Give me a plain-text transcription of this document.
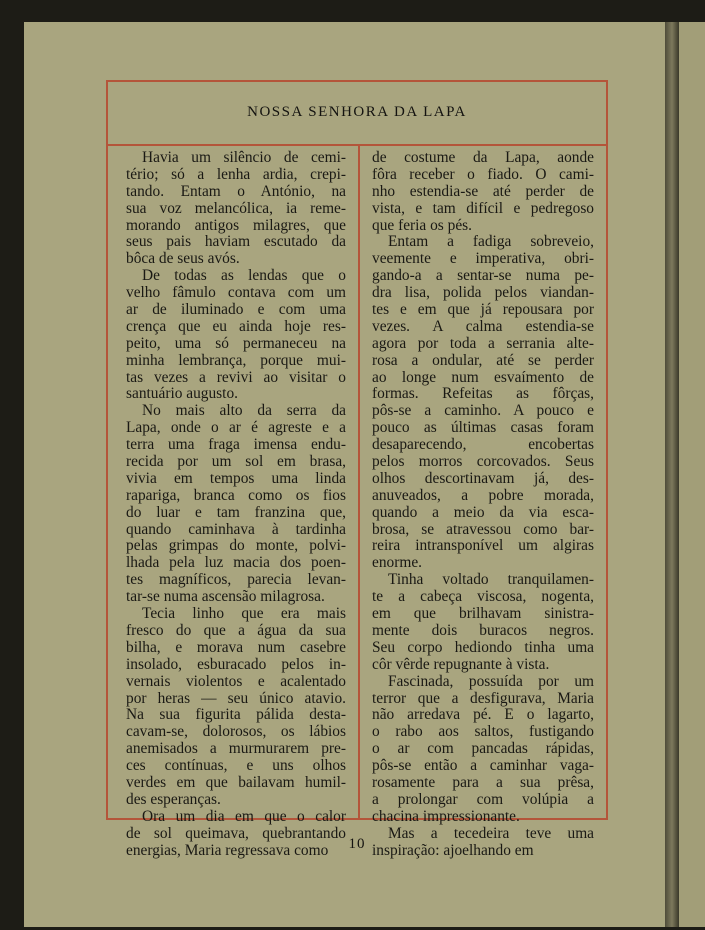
NOSSA SENHORA DA LAPA
Havia um silêncio de cemi-
tério; só a lenha ardia, crepi-
tando. Entam o António, na
sua voz melancólica, ia reme-
morando antigos milagres, que
seus pais haviam escutado da
bôca de seus avós.
De todas as lendas que o
velho fâmulo contava com um
ar de iluminado e com uma
crença que eu ainda hoje res-
peito, uma só permaneceu na
minha lembrança, porque mui-
tas vezes a revivi ao visitar o
santuário augusto.
No mais alto da serra da
Lapa, onde o ar é agreste e a
terra uma fraga imensa endu-
recida por um sol em brasa,
vivia em tempos uma linda
rapariga, branca como os fios
do luar e tam franzina que,
quando caminhava à tardinha
pelas grimpas do monte, polvi-
lhada pela luz macia dos poen-
tes magníficos, parecia levan-
tar-se numa ascensão milagrosa.
Tecia linho que era mais
fresco do que a água da sua
bilha, e morava num casebre
insolado, esburacado pelos in-
vernais violentos e acalentado
por heras — seu único atavio.
Na sua figurita pálida desta-
cavam-se, dolorosos, os lábios
anemisados a murmurarem pre-
ces contínuas, e uns olhos
verdes em que bailavam humil-
des esperanças.
Ora um dia em que o calor
de sol queimava, quebrantando
energias, Maria regressava como
de costume da Lapa, aonde
fôra receber o fiado. O cami-
nho estendia-se até perder de
vista, e tam difícil e pedregoso
que feria os pés.
Entam a fadiga sobreveio,
veemente e imperativa, obri-
gando-a a sentar-se numa pe-
dra lisa, polida pelos viandan-
tes e em que já repousara por
vezes. A calma estendia-se
agora por toda a serrania alte-
rosa a ondular, até se perder
ao longe num esvaímento de
formas. Refeitas as fôrças,
pôs-se a caminho. A pouco e
pouco as últimas casas foram
desaparecendo, encobertas
pelos morros corcovados. Seus
olhos descortinavam já, des-
anuveados, a pobre morada,
quando a meio da via esca-
brosa, se atravessou como bar-
reira intransponível um algiras
enorme.
Tinha voltado tranquilamen-
te a cabeça viscosa, nogenta,
em que brilhavam sinistra-
mente dois buracos negros.
Seu corpo hediondo tinha uma
côr vêrde repugnante à vista.
Fascinada, possuída por um
terror que a desfigurava, Maria
não arredava pé. E o lagarto,
o rabo aos saltos, fustigando
o ar com pancadas rápidas,
pôs-se então a caminhar vaga-
rosamente para a sua prêsa,
a prolongar com volúpia a
chacina impressionante.
Mas a tecedeira teve uma
inspiração: ajoelhando em
10
